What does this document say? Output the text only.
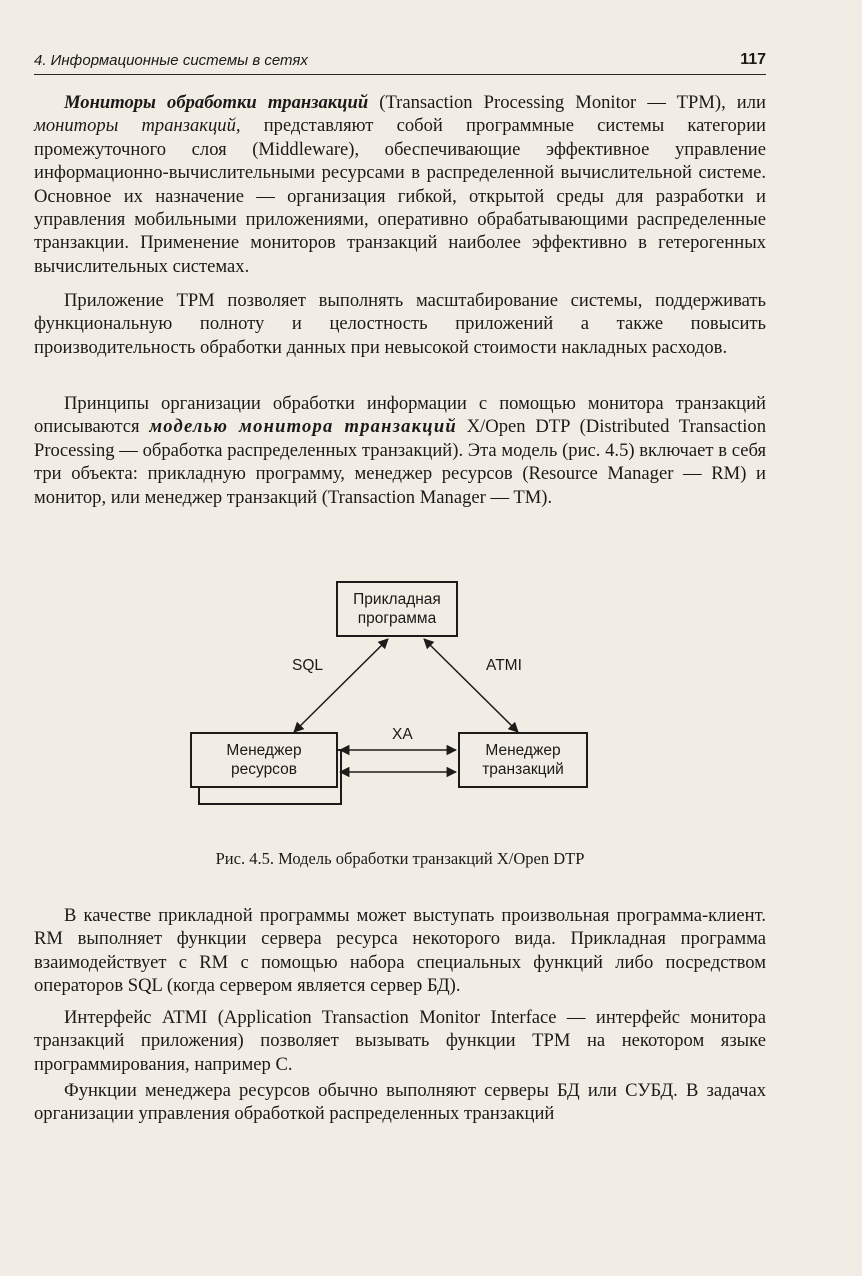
4. Информационные системы в сетях	117

Мониторы обработки транзакций (Transaction Processing Monitor — TPM), или мониторы транзакций, представляют собой программные системы категории промежуточного слоя (Middleware), обеспечивающие эффективное управление информационно-вычислительными ресурсами в распределенной вычислительной системе. Основное их назначение — организация гибкой, открытой среды для разработки и управления мобильными приложениями, оперативно обрабатывающими распределенные транзакции. Применение мониторов транзакций наиболее эффективно в гетерогенных вычислительных системах.

Приложение TPM позволяет выполнять масштабирование системы, поддерживать функциональную полноту и целостность приложений а также повысить производительность обработки данных при невысокой стоимости накладных расходов.

Принципы организации обработки информации с помощью монитора транзакций описываются моделью монитора транзакций X/Open DTP (Distributed Transaction Processing — обработка распределенных транзакций). Эта модель (рис. 4.5) включает в себя три объекта: прикладную программу, менеджер ресурсов (Resource Manager — RM) и монитор, или менеджер транзакций (Transaction Manager — TM).

Прикладная
программа
Менеджер
ресурсов
Менеджер
транзакций
SQL	ATMI
XA
Рис. 4.5. Модель обработки транзакций X/Open DTP

В качестве прикладной программы может выступать произвольная программа-клиент. RM выполняет функции сервера ресурса некоторого вида. Прикладная программа взаимодействует с RM с помощью набора специальных функций либо посредством операторов SQL (когда сервером является сервер БД).

Интерфейс ATMI (Application Transaction Monitor Interface — интерфейс монитора транзакций приложения) позволяет вызывать функции TPM на некотором языке программирования, например С.

Функции менеджера ресурсов обычно выполняют серверы БД или СУБД. В задачах организации управления обработкой распределенных транзакций
